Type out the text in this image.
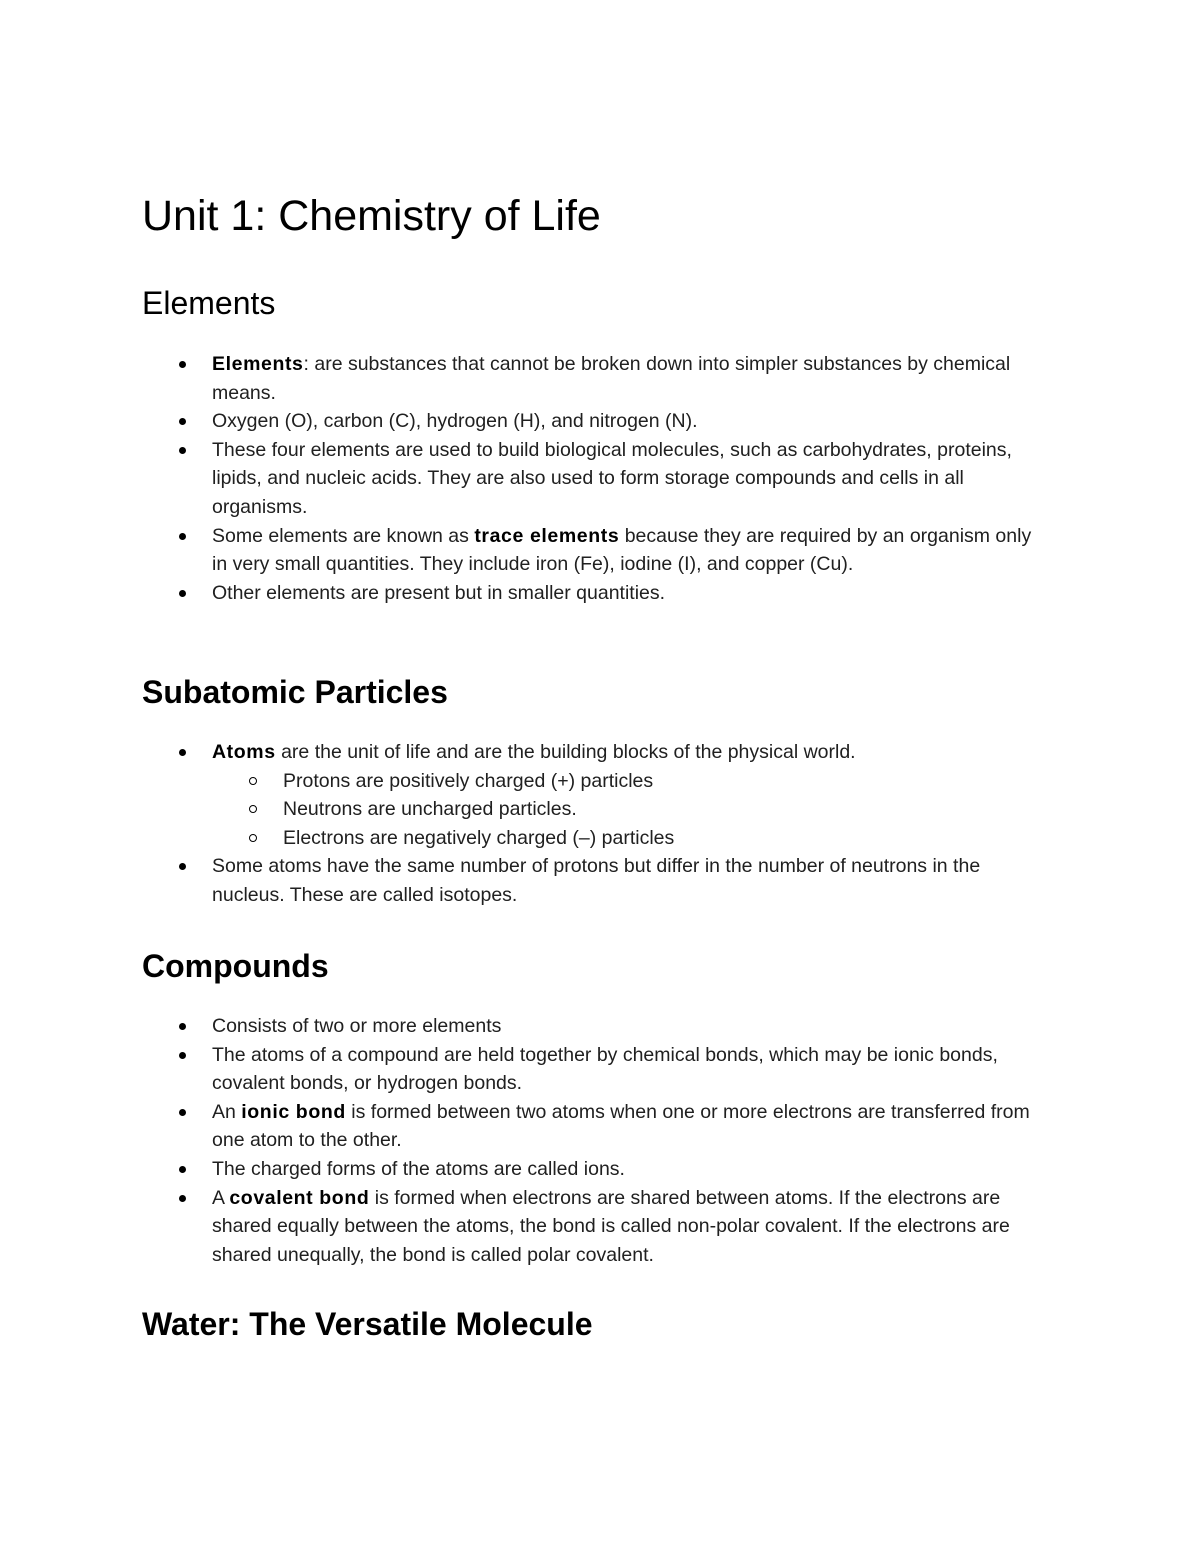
Unit 1: Chemistry of Life
Elements
Elements: are substances that cannot be broken down into simpler substances by chemical means.
Oxygen (O), carbon (C), hydrogen (H), and nitrogen (N).
These four elements are used to build biological molecules, such as carbohydrates, proteins, lipids, and nucleic acids. They are also used to form storage compounds and cells in all organisms.
Some elements are known as trace elements because they are required by an organism only in very small quantities. They include iron (Fe), iodine (I), and copper (Cu).
Other elements are present but in smaller quantities.
Subatomic Particles
Atoms are the unit of life and are the building blocks of the physical world.
Protons are positively charged (+) particles
Neutrons are uncharged particles.
Electrons are negatively charged (–) particles
Some atoms have the same number of protons but differ in the number of neutrons in the nucleus. These are called isotopes.
Compounds
Consists of two or more elements
The atoms of a compound are held together by chemical bonds, which may be ionic bonds, covalent bonds, or hydrogen bonds.
An ionic bond is formed between two atoms when one or more electrons are transferred from one atom to the other.
The charged forms of the atoms are called ions.
A covalent bond is formed when electrons are shared between atoms. If the electrons are shared equally between the atoms, the bond is called non-polar covalent. If the electrons are shared unequally, the bond is called polar covalent.
Water: The Versatile Molecule
